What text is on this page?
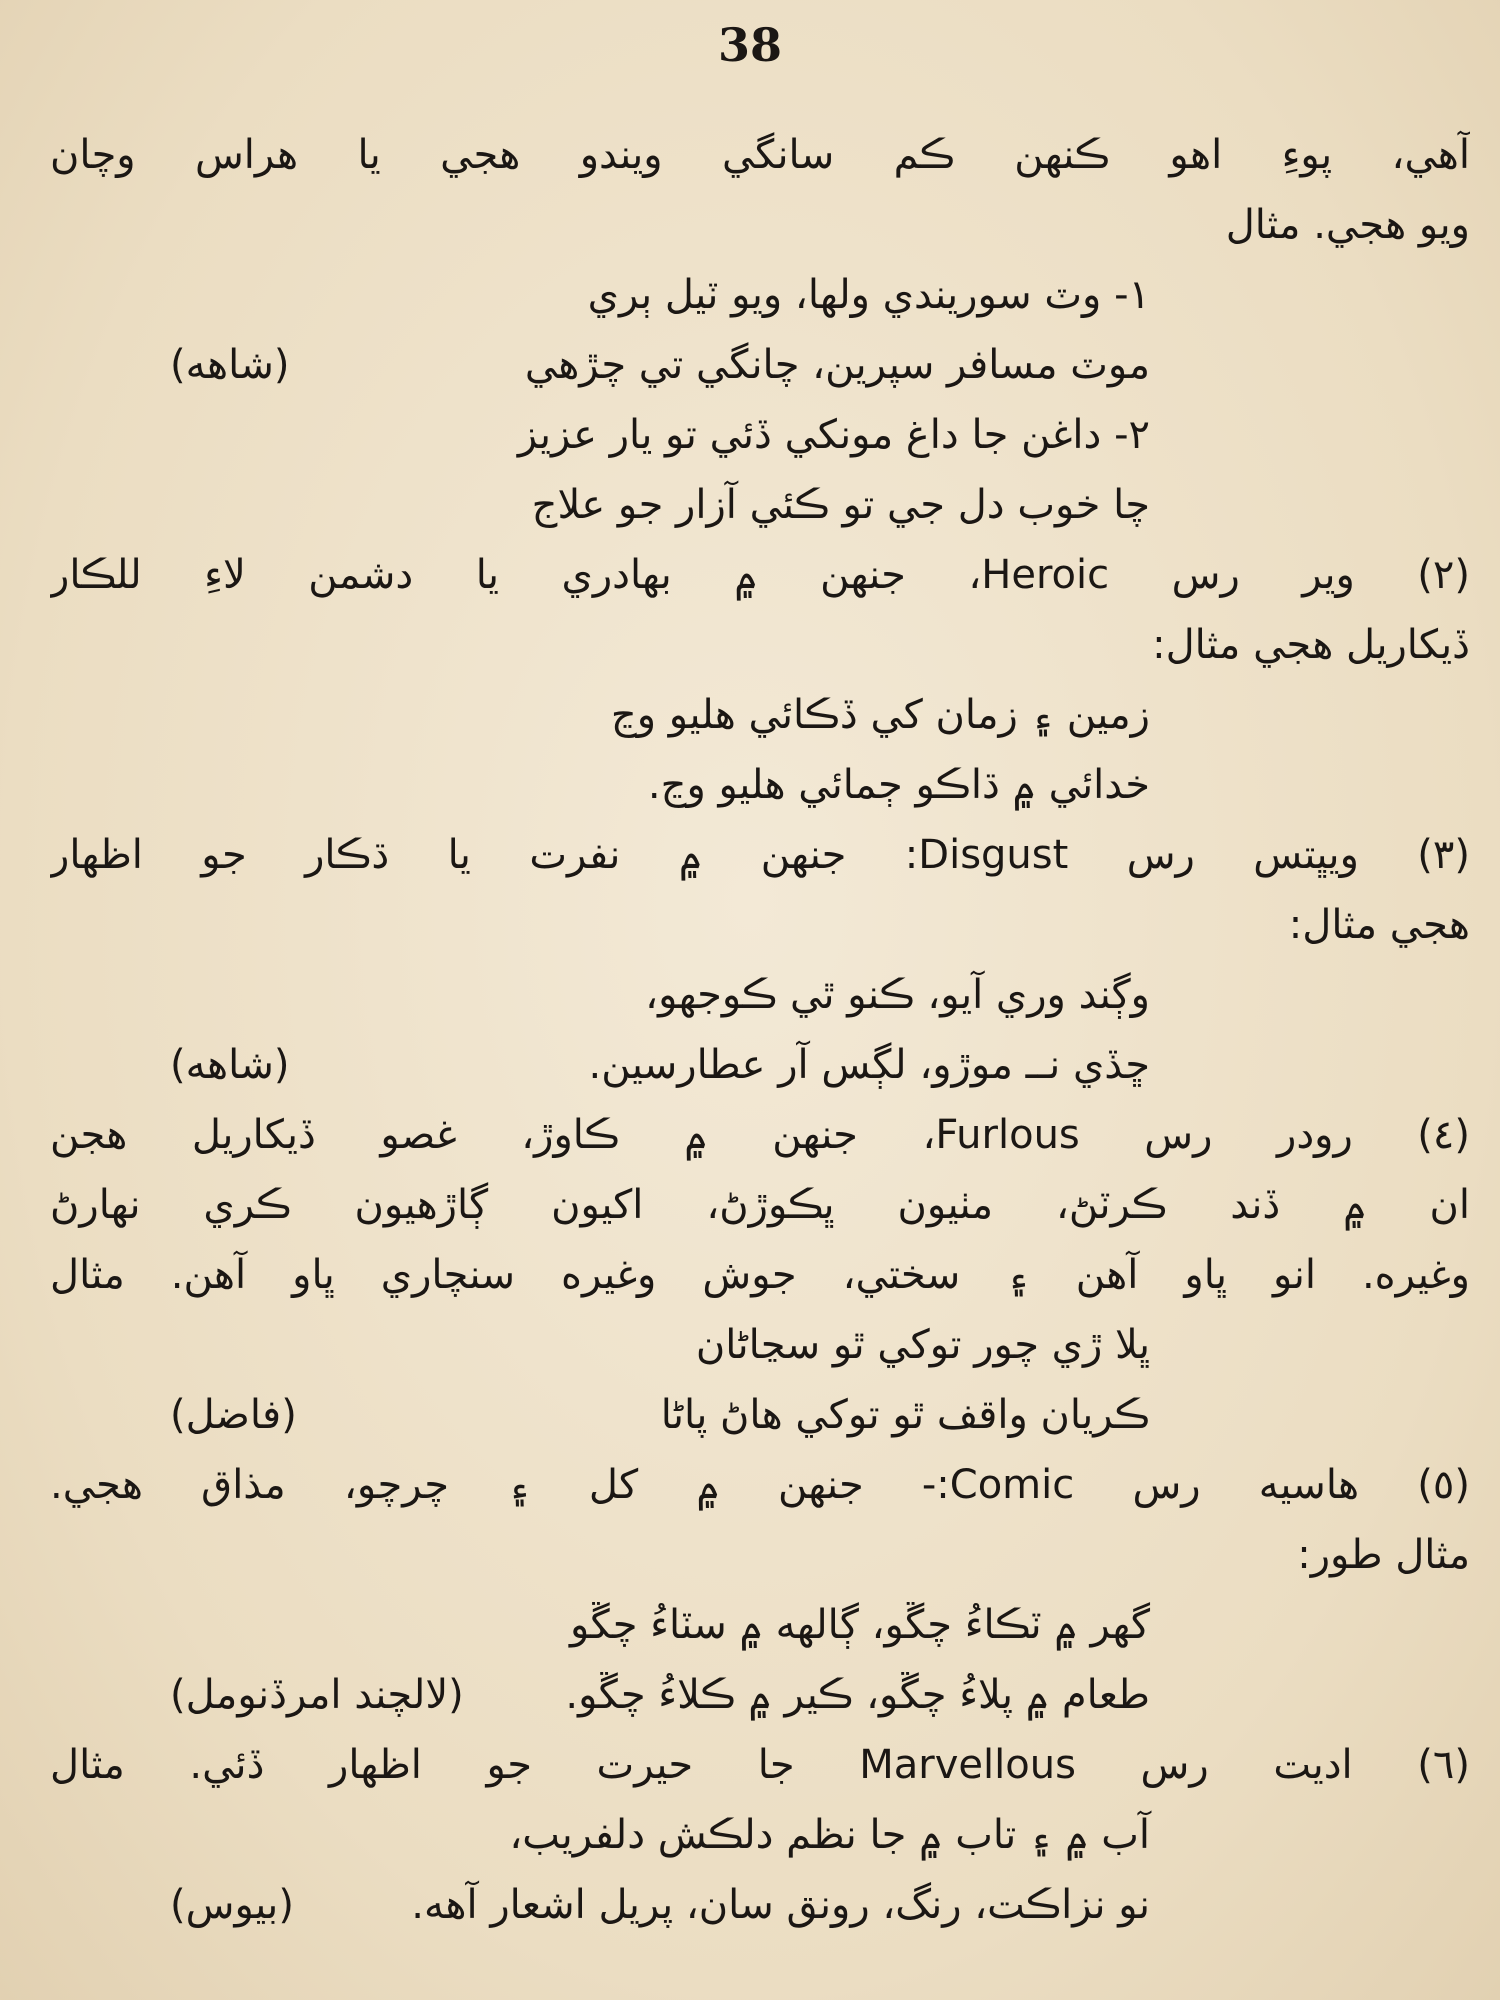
38
آهي، پوءِ اهو ڪنهن ڪم سانگي ويندو هجي يا هراس وچان
ويو هجي. مثال
١- وٽ سوريندي ولها، ويو ٽيل ٻري
(شاهه)	موٽ مسافر سپرين، چانگي تي چڙهي
٢- داغن جا داغ مونکي ڏئي تو يار عزيز
چا خوب دل جي تو ڪئي آزار جو علاج
(٢) وير رس Heroic، جنهن ۾ بهادري يا دشمن لاءِ للڪار
ڏيکاريل هجي مثال:
زمين ۽ زمان کي ڏڪائي هليو وڃ
خدائي ۾ ڌاڪو ڄمائي هليو وڃ.
(٣) ويڀتس رس Disgust: جنهن ۾ نفرت يا ڌڪار جو اظهار
هجي مثال:
وڳند وري آيو، ڪنو ٿي ڪوجهو،
(شاهه)	ڇڏي نــ موڙو، لڳس آر عطارسين.
(٤) رودر رس Furlous، جنهن ۾ ڪاوڙ، غصو ڏيکاريل هجن
ان ۾ ڏند ڪرٽڻ، مٺيون ڀڪوڙڻ، اکيون ڳاڙهيون ڪري نهارڻ
وغيره. انو ڀاو آهن ۽ سختي، جوش وغيره سنچاري ڀاو آهن. مثال
ڀلا ڙي چور توکي ٿو سڃاڻان
(فاضل)	ڪريان واقف ٿو توکي هاڻ پاڻا
(٥) هاسيه رس Comic:- جنهن ۾ کل ۽ چرچو، مذاق هجي.
مثال طور:
گهر ۾ ٽڪاءُ چڱو، ڳالهه ۾ سٽاءُ چڱو
(لالچند امرڏنومل)	طعام ۾ پلاءُ چڱو، ڪير ۾ ڪلاءُ چڱو.
(٦) اديت رس Marvellous جا حيرت جو اظهار ڏئي. مثال
آب ۾ ۽ تاب ۾ جا نظم دلڪش دلفريب،
(بيوس)	نو نزاڪت، رنگ، رونق سان، پريل اشعار آهه.
